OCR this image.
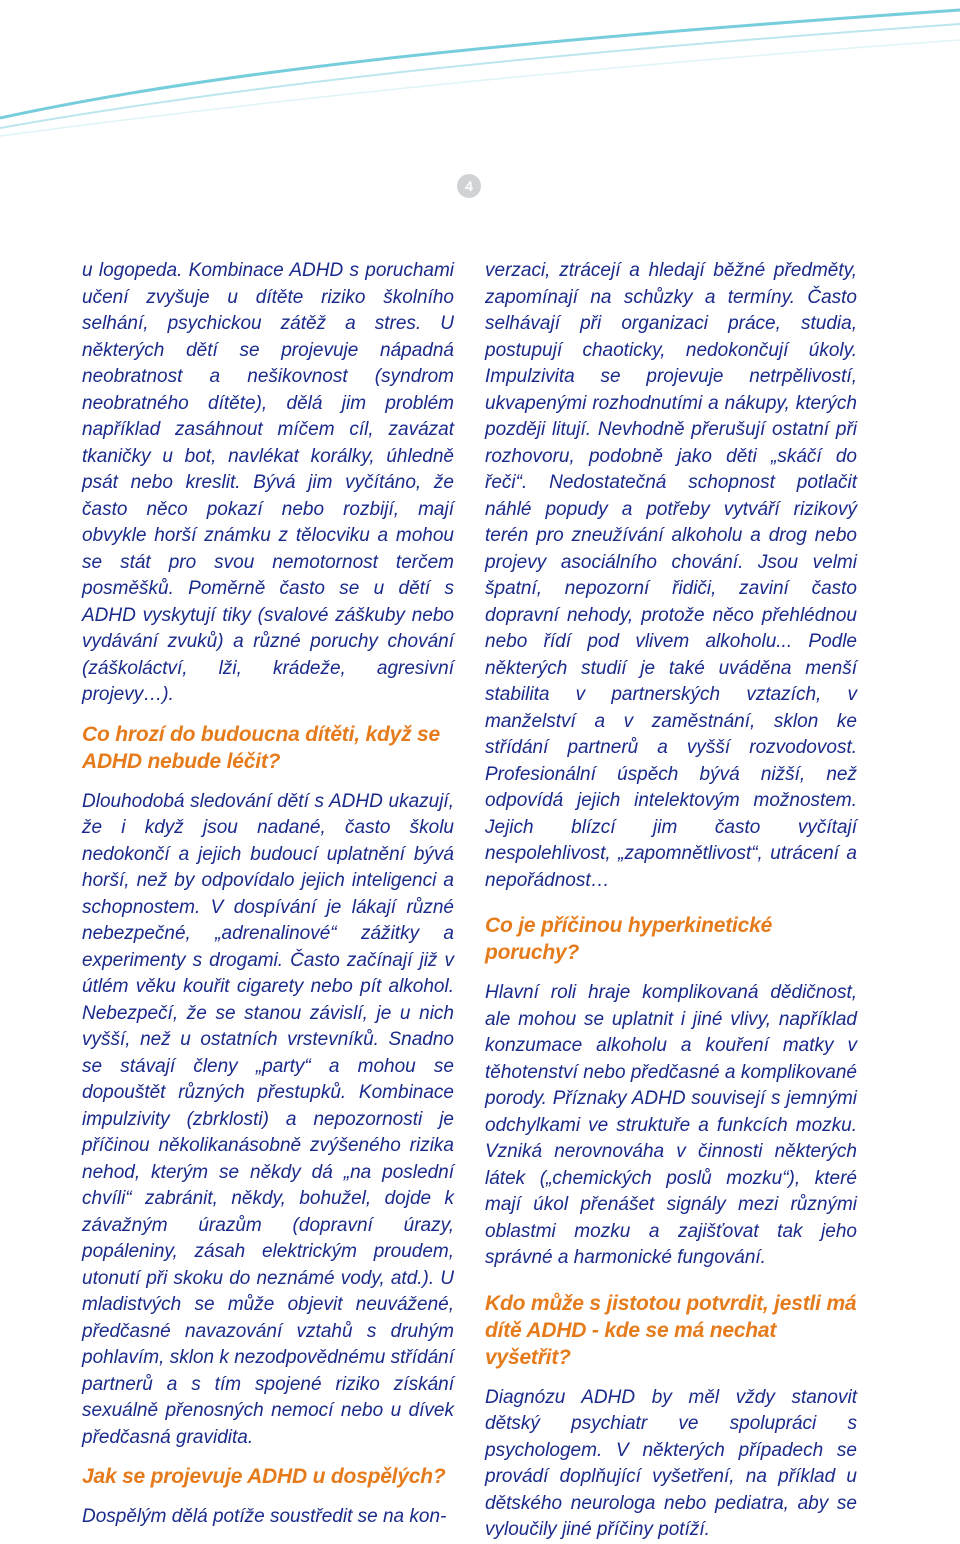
4

u logopeda. Kombinace ADHD s poruchami učení zvyšuje u dítěte riziko školního selhání, psychickou zátěž a stres. U některých dětí se projevuje nápadná neobratnost a nešikovnost (syndrom neobratného dítěte), dělá jim problém například zasáhnout míčem cíl, zavázat tkaničky u bot, navlékat korálky, úhledně psát nebo kreslit. Bývá jim vyčítáno, že často něco pokazí nebo rozbijí, mají obvykle horší známku z tělocviku a mohou se stát pro svou nemotornost terčem posměšků. Poměrně často se u dětí s ADHD vyskytují tiky (svalové záškuby nebo vydávání zvuků) a různé poruchy chování (záškoláctví, lži, krádeže, agresivní projevy…).

Co hrozí do budoucna dítěti, když se ADHD nebude léčit?

Dlouhodobá sledování dětí s ADHD ukazují, že i když jsou nadané, často školu nedokončí a jejich budoucí uplatnění bývá horší, než by odpovídalo jejich inteligenci a schopnostem. V dospívání je lákají různé nebezpečné, „adrenalinové“ zážitky a experimenty s drogami. Často začínají již v útlém věku kouřit cigarety nebo pít alkohol. Nebezpečí, že se stanou závislí, je u nich vyšší, než u ostatních vrstevníků. Snadno se stávají členy „party“ a mohou se dopouštět různých přestupků. Kombinace impulzivity (zbrklosti) a nepozornosti je příčinou několikanásobně zvýšeného rizika nehod, kterým se někdy dá „na poslední chvíli“ zabránit, někdy, bohužel, dojde k závažným úrazům (dopravní úrazy, popáleniny, zásah elektrickým proudem, utonutí při skoku do neznámé vody, atd.). U mladistvých se může objevit neuvážené, předčasné navazování vztahů s druhým pohlavím, sklon k nezodpovědnému střídání partnerů a s tím spojené riziko získání sexuálně přenosných nemocí nebo u dívek předčasná gravidita.

Jak se projevuje ADHD u dospělých?

Dospělým dělá potíže soustředit se na kon-

verzaci, ztrácejí a hledají běžné předměty, zapomínají na schůzky a termíny. Často selhávají při organizaci práce, studia, postupují chaoticky, nedokončují úkoly. Impulzivita se projevuje netrpělivostí, ukvapenými rozhodnutími a nákupy, kterých později litují. Nevhodně přerušují ostatní při rozhovoru, podobně jako děti „skáčí do řeči“. Nedostatečná schopnost potlačit náhlé popudy a potřeby vytváří rizikový terén pro zneužívání alkoholu a drog nebo projevy asociálního chování. Jsou velmi špatní, nepozorní řidiči, zaviní často dopravní nehody, protože něco přehlédnou nebo řídí pod vlivem alkoholu... Podle některých studií je také uváděna menší stabilita v partnerských vztazích, v manželství a v zaměstnání, sklon ke střídání partnerů a vyšší rozvodovost. Profesionální úspěch bývá nižší, než odpovídá jejich intelektovým možnostem. Jejich blízcí jim často vyčítají nespolehlivost, „zapomnětlivost“, utrácení a nepořádnost…

Co je příčinou hyperkinetické poruchy?

Hlavní roli hraje komplikovaná dědičnost, ale mohou se uplatnit i jiné vlivy, například konzumace alkoholu a kouření matky v těhotenství nebo předčasné a komplikované porody. Příznaky ADHD souvisejí s jemnými odchylkami ve struktuře a funkcích mozku. Vzniká nerovnováha v činnosti některých látek („chemických poslů mozku“), které mají úkol přenášet signály mezi různými oblastmi mozku a zajišťovat tak jeho správné a harmonické fungování.

Kdo může s jistotou potvrdit, jestli má dítě ADHD - kde se má nechat vyšetřit?

Diagnózu ADHD by měl vždy stanovit dětský psychiatr ve spolupráci s psychologem. V některých případech se provádí doplňující vyšetření, na příklad u dětského neurologa nebo pediatra, aby se vyloučily jiné příčiny potíží.
